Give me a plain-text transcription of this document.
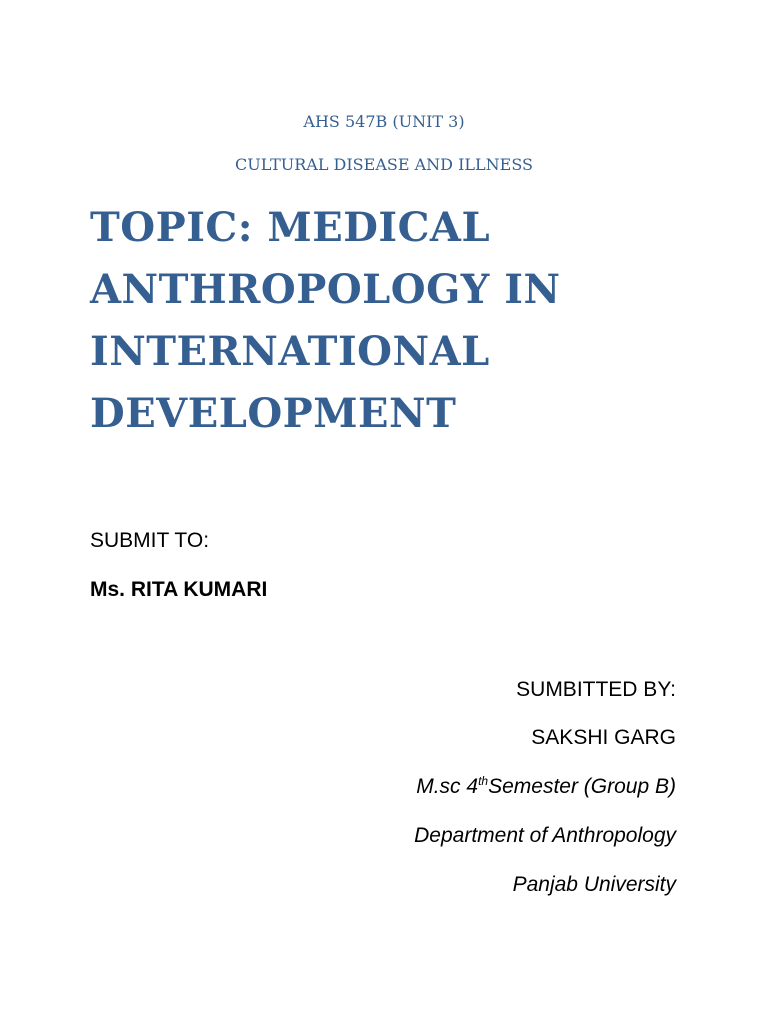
AHS 547B (UNIT 3)
CULTURAL DISEASE AND ILLNESS
TOPIC: MEDICAL
ANTHROPOLOGY IN
INTERNATIONAL
DEVELOPMENT
SUBMIT TO:
Ms. RITA KUMARI
SUMBITTED BY:
SAKSHI GARG
M.sc 4thSemester (Group B)
Department of Anthropology
Panjab University
